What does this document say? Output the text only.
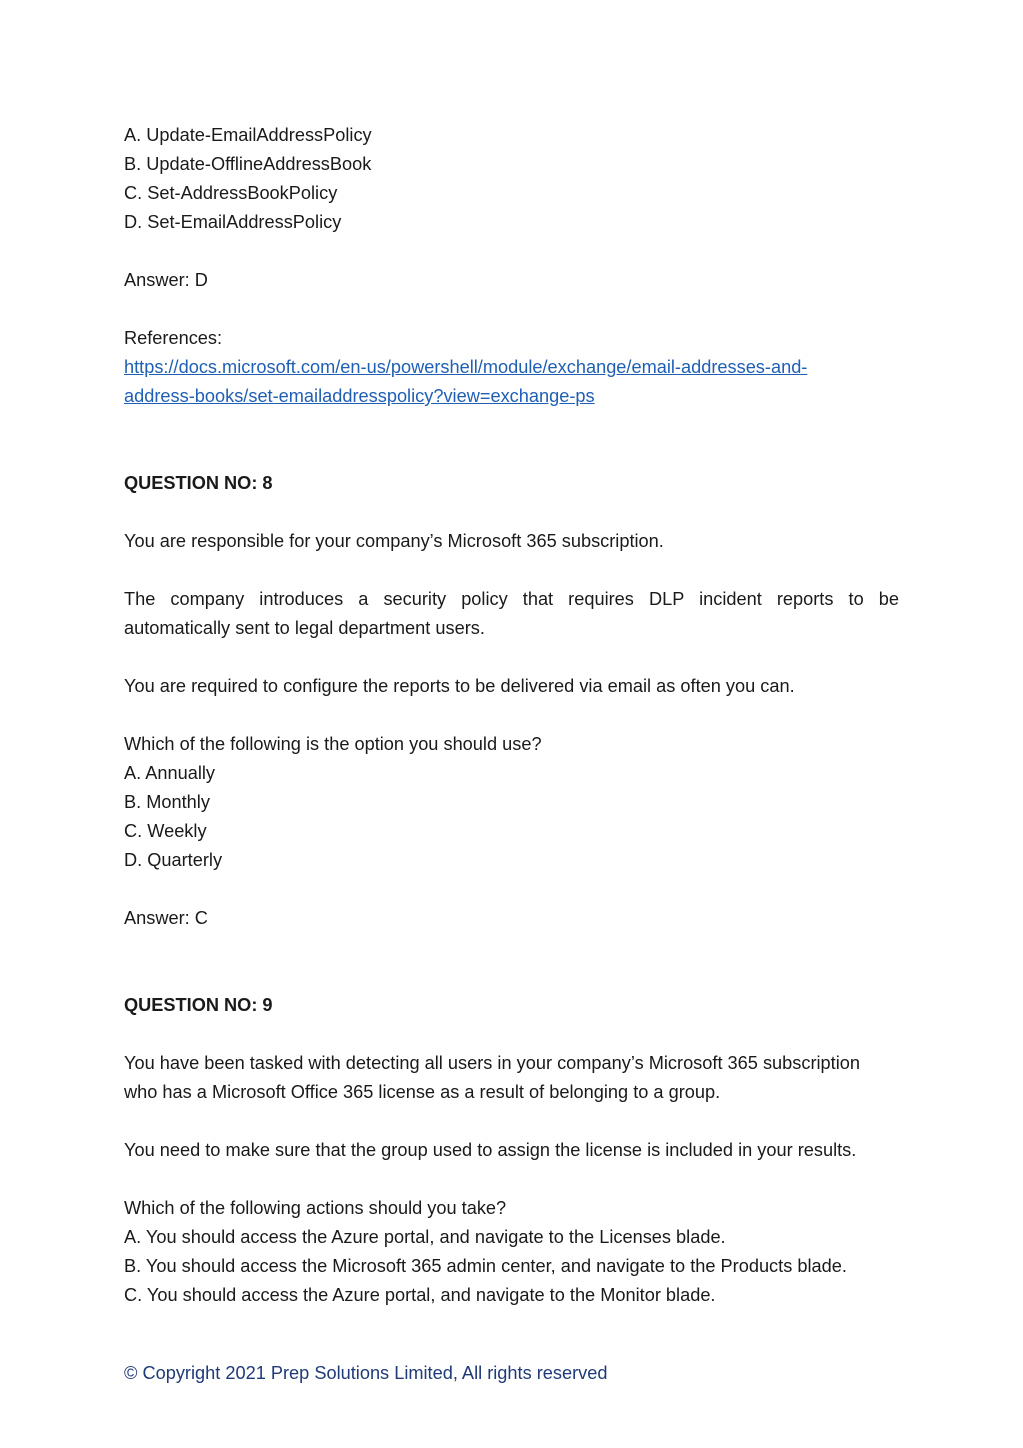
A. Update-EmailAddressPolicy
B. Update-OfflineAddressBook
C. Set-AddressBookPolicy
D. Set-EmailAddressPolicy
Answer: D
References:
https://docs.microsoft.com/en-us/powershell/module/exchange/email-addresses-and-
address-books/set-emailaddresspolicy?view=exchange-ps
QUESTION NO: 8
You are responsible for your company’s Microsoft 365 subscription.
The company introduces a security policy that requires DLP incident reports to be
automatically sent to legal department users.
You are required to configure the reports to be delivered via email as often you can.
Which of the following is the option you should use?
A. Annually
B. Monthly
C. Weekly
D. Quarterly
Answer: C
QUESTION NO: 9
You have been tasked with detecting all users in your company’s Microsoft 365 subscription
who has a Microsoft Office 365 license as a result of belonging to a group.
You need to make sure that the group used to assign the license is included in your results.
Which of the following actions should you take?
A. You should access the Azure portal, and navigate to the Licenses blade.
B. You should access the Microsoft 365 admin center, and navigate to the Products blade.
C. You should access the Azure portal, and navigate to the Monitor blade.
© Copyright 2021 Prep Solutions Limited, All rights reserved
